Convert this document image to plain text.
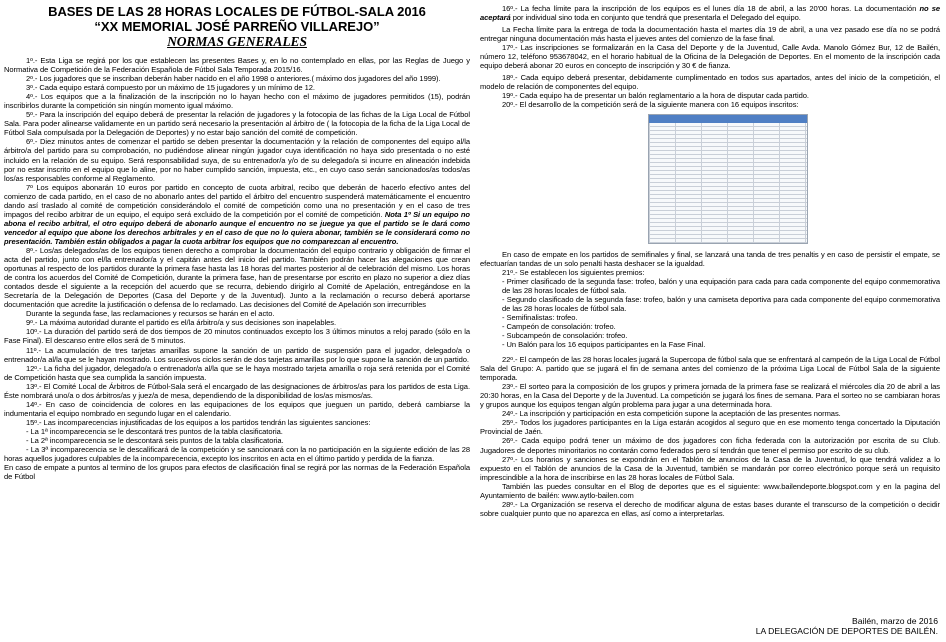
BASES DE LAS 28 HORAS LOCALES DE FÚTBOL-SALA 2016
“XX MEMORIAL JOSÉ PARREÑO VILLAREJO”
NORMAS GENERALES

1º.- Esta Liga se regirá por los que establecen las presentes Bases y, en lo no contemplado en ellas, por las Reglas de Juego y Normativa de Competición de la Federación Española de Fútbol Sala Temporada 2015/16.

2º.- Los jugadores que se inscriban deberán haber nacido en el año 1998 o anteriores.( máximo dos jugadores del año 1999).

3º.- Cada equipo estará compuesto por un máximo de 15 jugadores y un mínimo de 12.

4º.- Los equipos que a la finalización de la inscripción no lo hayan hecho con el máximo de jugadores permitidos (15), podrán inscribirlos durante la competición sin ningún momento igual máximo.

5º.- Para la inscripción del equipo deberá de presentar la relación de jugadores y la fotocopia de las fichas de la Liga Local de Fútbol Sala. Para poder alinearse validamente en un partido será necesario la presentación al árbitro de ( la fotocopia de la ficha de la Liga Local de Fútbol Sala compulsada por la Delegación de Deportes) y no estar bajo sanción del comité de competición.

6º.- Diez minutos antes de comenzar el partido se deben presentar la documentación y la relación de componentes del equipo al/la árbitro/a del partido para su comprobación, no pudiéndose alinear ningún jugador cuya identificación no haya sido presentada o no esté incluido en la relación de su equipo. Será responsabilidad suya, de su entrenador/a y/o de su delegado/a si incurre en alineación indebida por no estar inscrito en el equipo que lo aline, por no haber cumplido sanción, impuesta, etc., en cuyo caso serán sancionados/as todos/as los/as responsables conforme al Reglamento.

7º Los equipos abonarán 10 euros por partido en concepto de cuota arbitral, recibo que deberán de hacerlo efectivo antes del comienzo de cada partido, en el caso de no abonarlo antes del partido el árbitro del encuentro suspenderá matemáticamente el encuentro dando así traslado al comité de competición considerándolo el comité de competición como una no presentación y en el caso de tres impagos del recibo arbitrar de un equipo, el equipo será excluido de la competición por el comité de competición. Nota 1º Si un equipo no abona el recibo arbitral, el otro equipo deberá de abonarlo aunque el encuentro no se juegue ya que el partido se le dará como vencedor al equipo que abone los derechos arbitrales y en el caso de que no lo quiera abonar, también se le considerará como no presentación. También están obligados a pagar la cuota arbitrar los equipos que no comparezcan al encuentro.

8º.- Los/as delegados/as de los equipos tienen derecho a comprobar la documentación del equipo contrario y obligación de firmar el acta del partido, junto con el/la entrenador/a y el capitán antes del inicio del partido. También podrán hacer las alegaciones que crean oportunas al respecto de los partidos durante la primera fase hasta las 18 horas del martes posterior al de celebración del mismo. Los horas de contra los acuerdos del Comité de Competición, durante la primera fase, han de presentarse por escrito en plazo no superior a diez días contados desde el siguiente a la recepción del acuerdo que se recurra, debiendo dirigirlo al Comité de Apelación, entregándose en la Secretaría de la Delegación de Deportes (Casa del Deporte y de la Juventud). Junto a la reclamación o recurso deberá aportarse documentación que acredite la justificación o defensa de lo reclamado. Las decisiones del Comité de Apelación son irrecurribles

Durante la segunda fase, las reclamaciones y recursos se harán en el acto.

9º.- La máxima autoridad durante el partido es el/la árbitro/a y sus decisiones son inapelables.

10º.- La duración del partido será de dos tiempos de 20 minutos continuados excepto los 3 últimos minutos a reloj parado (sólo en la Fase Final). El descanso entre ellos será de 5 minutos.

11º.- La acumulación de tres tarjetas amarillas supone la sanción de un partido de suspensión para el jugador, delegado/a o entrenador/a al/la que se le hayan mostrado. Los sucesivos ciclos serán de dos tarjetas amarillas por lo que supone la sanción de un partido.

12º.- La ficha del jugador, delegado/a o entrenador/a al/la que se le haya mostrado tarjeta amarilla o roja será retenida por el Comité de Competición hasta que sea cumplida la sanción impuesta.

13º.- El Comité Local de Árbitros de Fútbol-Sala será el encargado de las designaciones de árbitros/as para los partidos de esta Liga. Éste nombrará uno/a o dos árbitros/as y juez/a de mesa, dependiendo de la disponibilidad de los/as mismos/as.

14º.- En caso de coincidencia de colores en las equipaciones de los equipos que jueguen un partido, deberá cambiarse la indumentaria el equipo nombrado en segundo lugar en el calendario.

15º.- Las incomparecencias injustificadas de los equipos a los partidos tendrán las siguientes sanciones:

- La 1ª incomparecencia se le descontará tres puntos de la tabla clasificatoria.

- La 2ª incomparecencia se le descontará seis puntos de la tabla clasificatoria.

- La 3ª incomparecencia se le descalificará de la competición y se sancionará con la no participación en la siguiente edición de las 28 horas aquellos jugadores culpables de la incomparecencia, excepto los inscritos en acta en el último partido y perdida de la fianza.

En caso de empate a puntos al termino de los grupos para efectos de clasificación final se regirá por las normas de la Federación Española de Fútbol

16º.- La fecha límite para la inscripción de los equipos es el lunes día 18 de abril, a las 20'00 horas. La documentación no se aceptará por individual sino toda en conjunto que tendrá que presentarla el Delegado del equipo.

La Fecha límite para la entrega de toda la documentación hasta el martes día 19 de abril, a una vez pasado ese día no se podrá entregar ninguna documentación más hasta el jueves antes del comienzo de la fase final.

17º.- Las inscripciones se formalizarán en la Casa del Deporte y de la Juventud, Calle Avda. Manolo Gómez Bur, 12 de Bailén, número 12, teléfono 953678042, en el horario habitual de la Oficina de la Delegación de Deportes. En el momento de la inscripción cada equipo deberá abonar 20 euros en concepto de inscripción y 30 € de fianza.

18º.- Cada equipo deberá presentar, debidamente cumplimentado en todos sus apartados, antes del inicio de la competición, el modelo de relación de componentes del equipo.

19º.- Cada equipo ha de presentar un balón reglamentario a la hora de disputar cada partido.

20º.- El desarrollo de la competición será de la siguiente manera con 16 equipos inscritos:

En caso de empate en los partidos de semifinales y final, se lanzará una tanda de tres penaltis y en caso de persistir el empate, se efectuarían tandas de un solo penalti hasta deshacer se la igualdad.

21º.- Se establecen los siguientes premios:

- Primer clasificado de la segunda fase: trofeo, balón y una equipación para cada para cada componente del equipo conmemorativa de las 28 horas locales de fútbol sala.

- Segundo clasificado de la segunda fase: trofeo, balón y una camiseta deportiva para cada componente del equipo conmemorativa de las 28 horas locales de fútbol sala.

- Semifinalistas: trofeo.

- Campeón de consolación: trofeo.

- Subcampeón de consolación: trofeo.

- Un Balón para los 16 equipos participantes en la Fase Final.

22º.- El campeón de las 28 horas locales jugará la Supercopa de fútbol sala que se enfrentará al campeón de la Liga Local de Fútbol Sala del Grupo: A. partido que se jugará el fin de semana antes del comienzo de la próxima Liga Local de Fútbol Sala de la siguiente temporada.

23º.- El sorteo para la composición de los grupos y primera jornada de la primera fase se realizará el miércoles día 20 de abril a las 20:30 horas, en la Casa del Deporte y de la Juventud. La competición se jugará los fines de semana. Para el sorteo no se cambiaran horas y grupos aunque los equipos tengan algún problema para jugar a una determinada hora.

24º.- La inscripción y participación en esta competición supone la aceptación de las presentes normas.

25º.- Todos los jugadores participantes en la Liga estarán acogidos al seguro que en ese momento tenga concertado la Diputación Provincial de Jaén.

26º.- Cada equipo podrá tener un máximo de dos jugadores con ficha federada con la autorización por escrita de su Club. Jugadores de deportes minoritarios no contarán como federados pero sí tendrán que tener el permiso por escrito de su club.

27º.- Los horarios y sanciones se expondrán en el Tablón de anuncios de la Casa de la Juventud, lo que tendrá validez a lo expuesto en el Tablón de anuncios de la Casa de la Juventud, también se mandarán por correo electrónico porque será un requisito imprescindible a la hora de inscribirse en las 28 horas locales de Fútbol Sala.

También las puedes consultar en el Blog de deportes que es el siguiente: www.bailendeporte.blogspot.com y en la pagina del Ayuntamiento de bailén: www.aytlo-bailen.com

28º.- La Organización se reserva el derecho de modificar alguna de estas bases durante el transcurso de la competición o decidir sobre cualquier punto que no aparezca en ellas, así como a interpretarlas.

Bailén, marzo de 2016
LA DELEGACIÓN DE DEPORTES DE BAILÉN.
